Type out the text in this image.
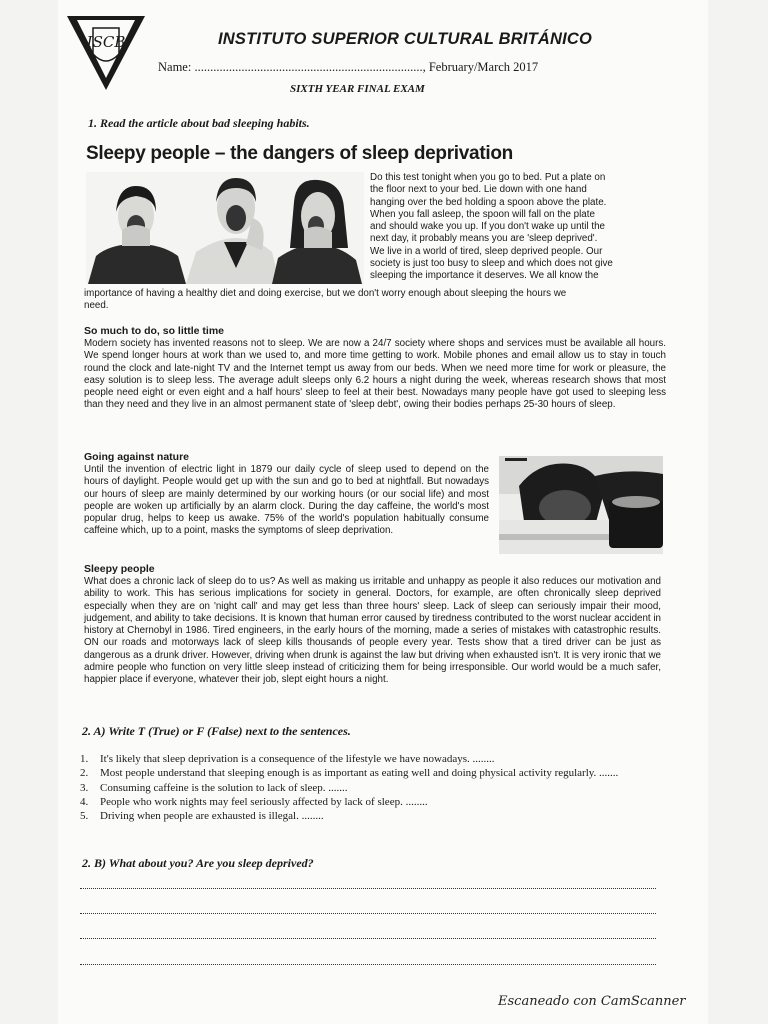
ISCB	INSTITUTO SUPERIOR CULTURAL BRITÁNICO
Name: ........................................................................., February/March 2017
SIXTH YEAR FINAL EXAM
1. Read the article about bad sleeping habits.
Sleepy people – the dangers of sleep deprivation
Do this test tonight when you go to bed. Put a plate on
the floor next to your bed. Lie down with one hand
hanging over the bed holding a spoon above the plate.
When you fall asleep, the spoon will fall on the plate
and should wake you up. If you don't wake up until the
next day, it probably means you are 'sleep deprived'.
We live in a world of tired, sleep deprived people. Our
society is just too busy to sleep and which does not give
sleeping the importance it deserves. We all know the
importance of having a healthy diet and doing exercise, but we don't worry enough about sleeping the hours we
need.
So much to do, so little time
Modern society has invented reasons not to sleep. We are now a 24/7 society where shops and services must be available all hours. We spend longer hours at work than we used to, and more time getting to work. Mobile phones and email allow us to stay in touch round the clock and late-night TV and the Internet tempt us away from our beds. When we need more time for work or pleasure, the easy solution is to sleep less. The average adult sleeps only 6.2 hours a night during the week, whereas research shows that most people need eight or even eight and a half hours' sleep to feel at their best. Nowadays many people have got used to sleeping less than they need and they live in an almost permanent state of 'sleep debt', owing their bodies perhaps 25-30 hours of sleep.
Going against nature
Until the invention of electric light in 1879 our daily cycle of sleep used to depend on the hours of daylight. People would get up with the sun and go to bed at nightfall. But nowadays our hours of sleep are mainly determined by our working hours (or our social life) and most people are woken up artificially by an alarm clock. During the day caffeine, the world's most popular drug, helps to keep us awake. 75% of the world's population habitually consume caffeine which, up to a point, masks the symptoms of sleep deprivation.
Sleepy people
What does a chronic lack of sleep do to us? As well as making us irritable and unhappy as people it also reduces our motivation and ability to work. This has serious implications for society in general. Doctors, for example, are often chronically sleep deprived especially when they are on 'night call' and may get less than three hours' sleep. Lack of sleep can seriously impair their mood, judgement, and ability to take decisions. It is known that human error caused by tiredness contributed to the worst nuclear accident in history at Chernobyl in 1986. Tired engineers, in the early hours of the morning, made a series of mistakes with catastrophic results. ON our roads and motorways lack of sleep kills thousands of people every year. Tests show that a tired driver can be just as dangerous as a drunk driver. However, driving when drunk is against the law but driving when exhausted isn't. It is very ironic that we admire people who function on very little sleep instead of criticizing them for being irresponsible. Our world would be a much safer, happier place if everyone, whatever their job, slept eight hours a night.
2. A) Write T (True) or F (False) next to the sentences.
1.	It's likely that sleep deprivation is a consequence of the lifestyle we have nowadays. ........
2.	Most people understand that sleeping enough is as important as eating well and doing physical activity regularly. .......
3.	Consuming caffeine is the solution to lack of sleep. .......
4.	People who work nights may feel seriously affected by lack of sleep. ........
5.	Driving when people are exhausted is illegal. ........
2. B) What about you? Are you sleep deprived?
Escaneado con CamScanner
